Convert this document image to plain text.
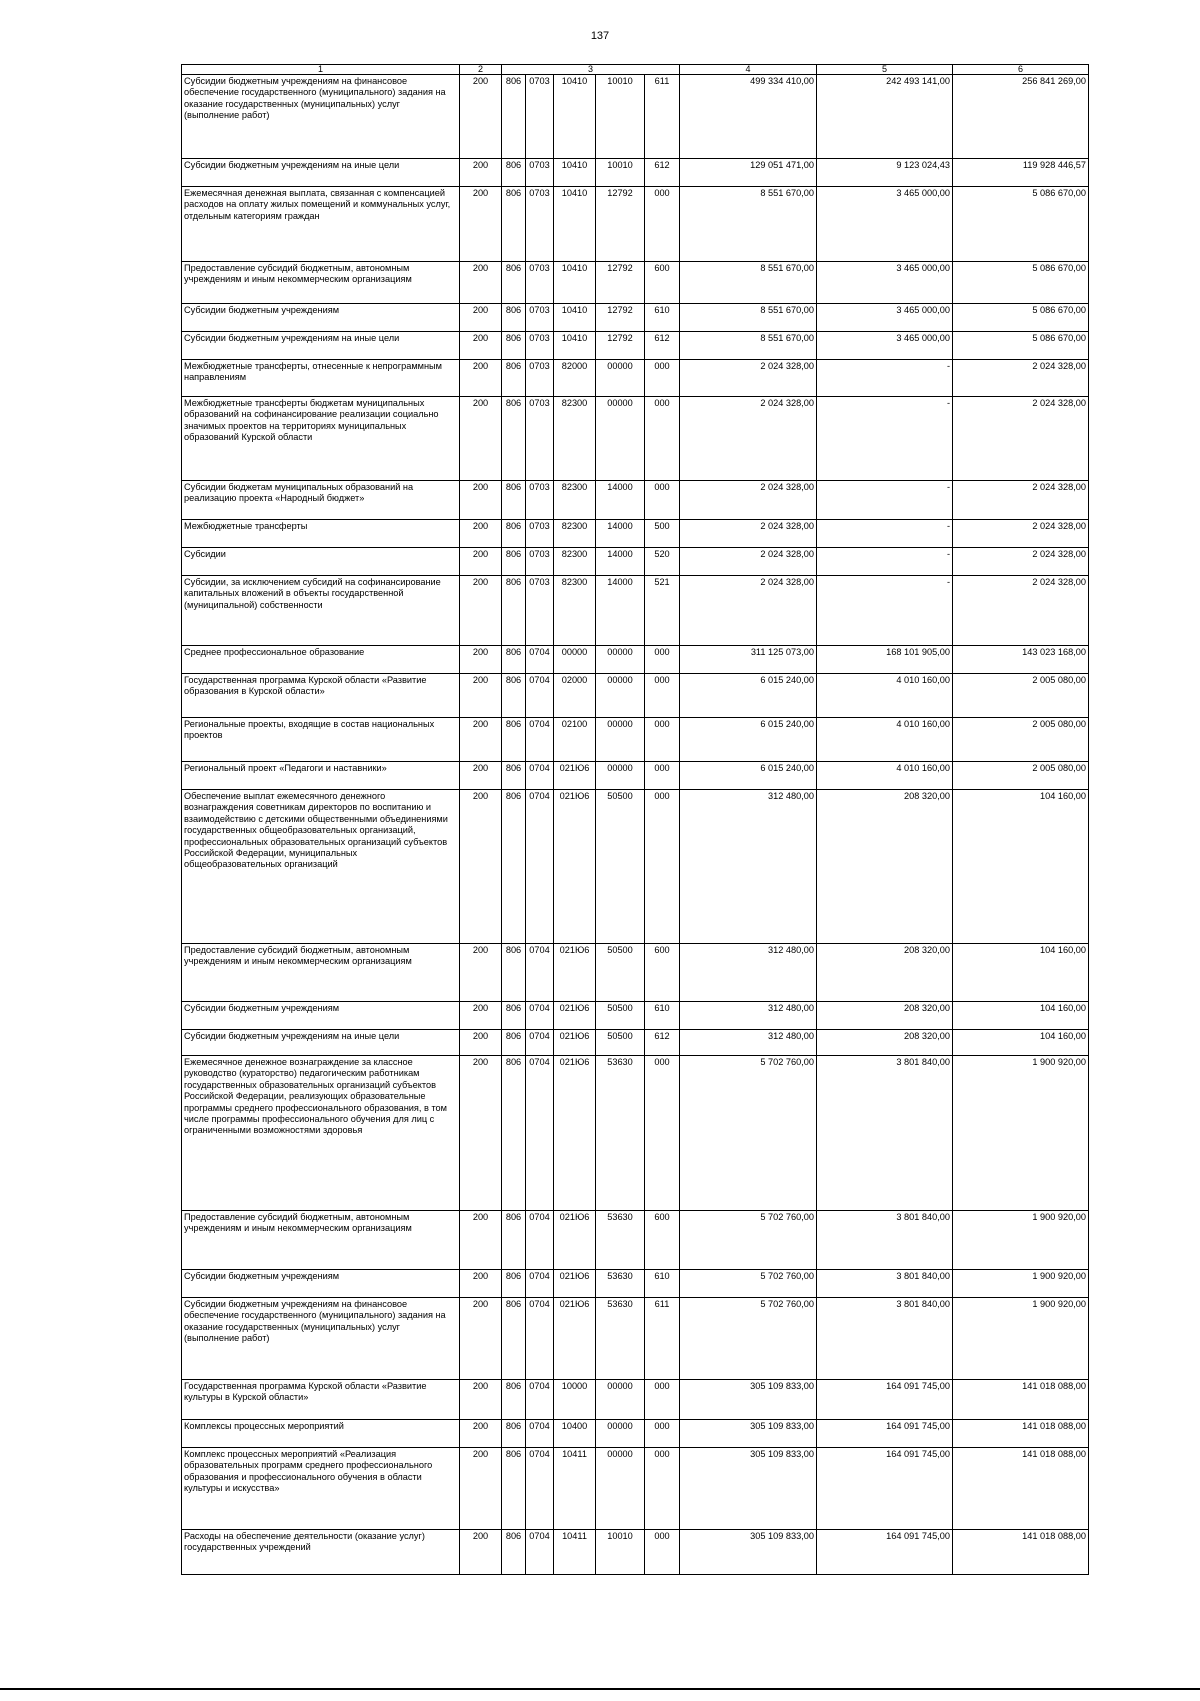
137
1	2	3					4	5	6
Субсидии бюджетным учреждениям на финансовое обеспечение государственного (муниципального) задания на оказание государственных (муниципальных) услуг (выполнение работ)	200	806	0703	10410	10010	611	499 334 410,00	242 493 141,00	256 841 269,00
Субсидии бюджетным учреждениям на иные цели	200	806	0703	10410	10010	612	129 051 471,00	9 123 024,43	119 928 446,57
Ежемесячная денежная выплата, связанная с компенсацией расходов на оплату жилых помещений и коммунальных услуг, отдельным категориям граждан	200	806	0703	10410	12792	000	8 551 670,00	3 465 000,00	5 086 670,00
Предоставление субсидий бюджетным, автономным учреждениям и иным некоммерческим организациям	200	806	0703	10410	12792	600	8 551 670,00	3 465 000,00	5 086 670,00
Субсидии бюджетным учреждениям	200	806	0703	10410	12792	610	8 551 670,00	3 465 000,00	5 086 670,00
Субсидии бюджетным учреждениям на иные цели	200	806	0703	10410	12792	612	8 551 670,00	3 465 000,00	5 086 670,00
Межбюджетные трансферты, отнесенные к непрограммным направлениям	200	806	0703	82000	00000	000	2 024 328,00	-	2 024 328,00
Межбюджетные трансферты бюджетам муниципальных образований на софинансирование реализации социально значимых проектов на территориях муниципальных образований Курской области	200	806	0703	82300	00000	000	2 024 328,00	-	2 024 328,00
Субсидии бюджетам муниципальных образований на реализацию проекта «Народный бюджет»	200	806	0703	82300	14000	000	2 024 328,00	-	2 024 328,00
Межбюджетные трансферты	200	806	0703	82300	14000	500	2 024 328,00	-	2 024 328,00
Субсидии	200	806	0703	82300	14000	520	2 024 328,00	-	2 024 328,00
Субсидии, за исключением субсидий на софинансирование капитальных вложений в объекты государственной (муниципальной) собственности	200	806	0703	82300	14000	521	2 024 328,00	-	2 024 328,00
Среднее профессиональное образование	200	806	0704	00000	00000	000	311 125 073,00	168 101 905,00	143 023 168,00
Государственная программа Курской области «Развитие образования в Курской области»	200	806	0704	02000	00000	000	6 015 240,00	4 010 160,00	2 005 080,00
Региональные проекты, входящие в состав национальных проектов	200	806	0704	02100	00000	000	6 015 240,00	4 010 160,00	2 005 080,00
Региональный проект «Педагоги и наставники»	200	806	0704	021Ю6	00000	000	6 015 240,00	4 010 160,00	2 005 080,00
Обеспечение выплат ежемесячного денежного вознаграждения советникам директоров по воспитанию и взаимодействию с детскими общественными объединениями государственных общеобразовательных организаций, профессиональных образовательных организаций субъектов Российской Федерации, муниципальных общеобразовательных организаций	200	806	0704	021Ю6	50500	000	312 480,00	208 320,00	104 160,00
Предоставление субсидий бюджетным, автономным учреждениям и иным некоммерческим организациям	200	806	0704	021Ю6	50500	600	312 480,00	208 320,00	104 160,00
Субсидии бюджетным учреждениям	200	806	0704	021Ю6	50500	610	312 480,00	208 320,00	104 160,00
Субсидии бюджетным учреждениям на иные цели	200	806	0704	021Ю6	50500	612	312 480,00	208 320,00	104 160,00
Ежемесячное денежное вознаграждение за классное руководство (кураторство) педагогическим работникам государственных образовательных организаций субъектов Российской Федерации, реализующих образовательные программы среднего профессионального образования, в том числе программы профессионального обучения для лиц с ограниченными возможностями здоровья	200	806	0704	021Ю6	53630	000	5 702 760,00	3 801 840,00	1 900 920,00
Предоставление субсидий бюджетным, автономным учреждениям и иным некоммерческим организациям	200	806	0704	021Ю6	53630	600	5 702 760,00	3 801 840,00	1 900 920,00
Субсидии бюджетным учреждениям	200	806	0704	021Ю6	53630	610	5 702 760,00	3 801 840,00	1 900 920,00
Субсидии бюджетным учреждениям на финансовое обеспечение государственного (муниципального) задания на оказание государственных (муниципальных) услуг (выполнение работ)	200	806	0704	021Ю6	53630	611	5 702 760,00	3 801 840,00	1 900 920,00
Государственная программа Курской области «Развитие культуры в Курской области»	200	806	0704	10000	00000	000	305 109 833,00	164 091 745,00	141 018 088,00
Комплексы процессных мероприятий	200	806	0704	10400	00000	000	305 109 833,00	164 091 745,00	141 018 088,00
Комплекс процессных мероприятий «Реализация образовательных программ среднего профессионального образования и профессионального обучения в области культуры и искусства»	200	806	0704	10411	00000	000	305 109 833,00	164 091 745,00	141 018 088,00
Расходы на обеспечение деятельности (оказание услуг) государственных учреждений	200	806	0704	10411	10010	000	305 109 833,00	164 091 745,00	141 018 088,00
